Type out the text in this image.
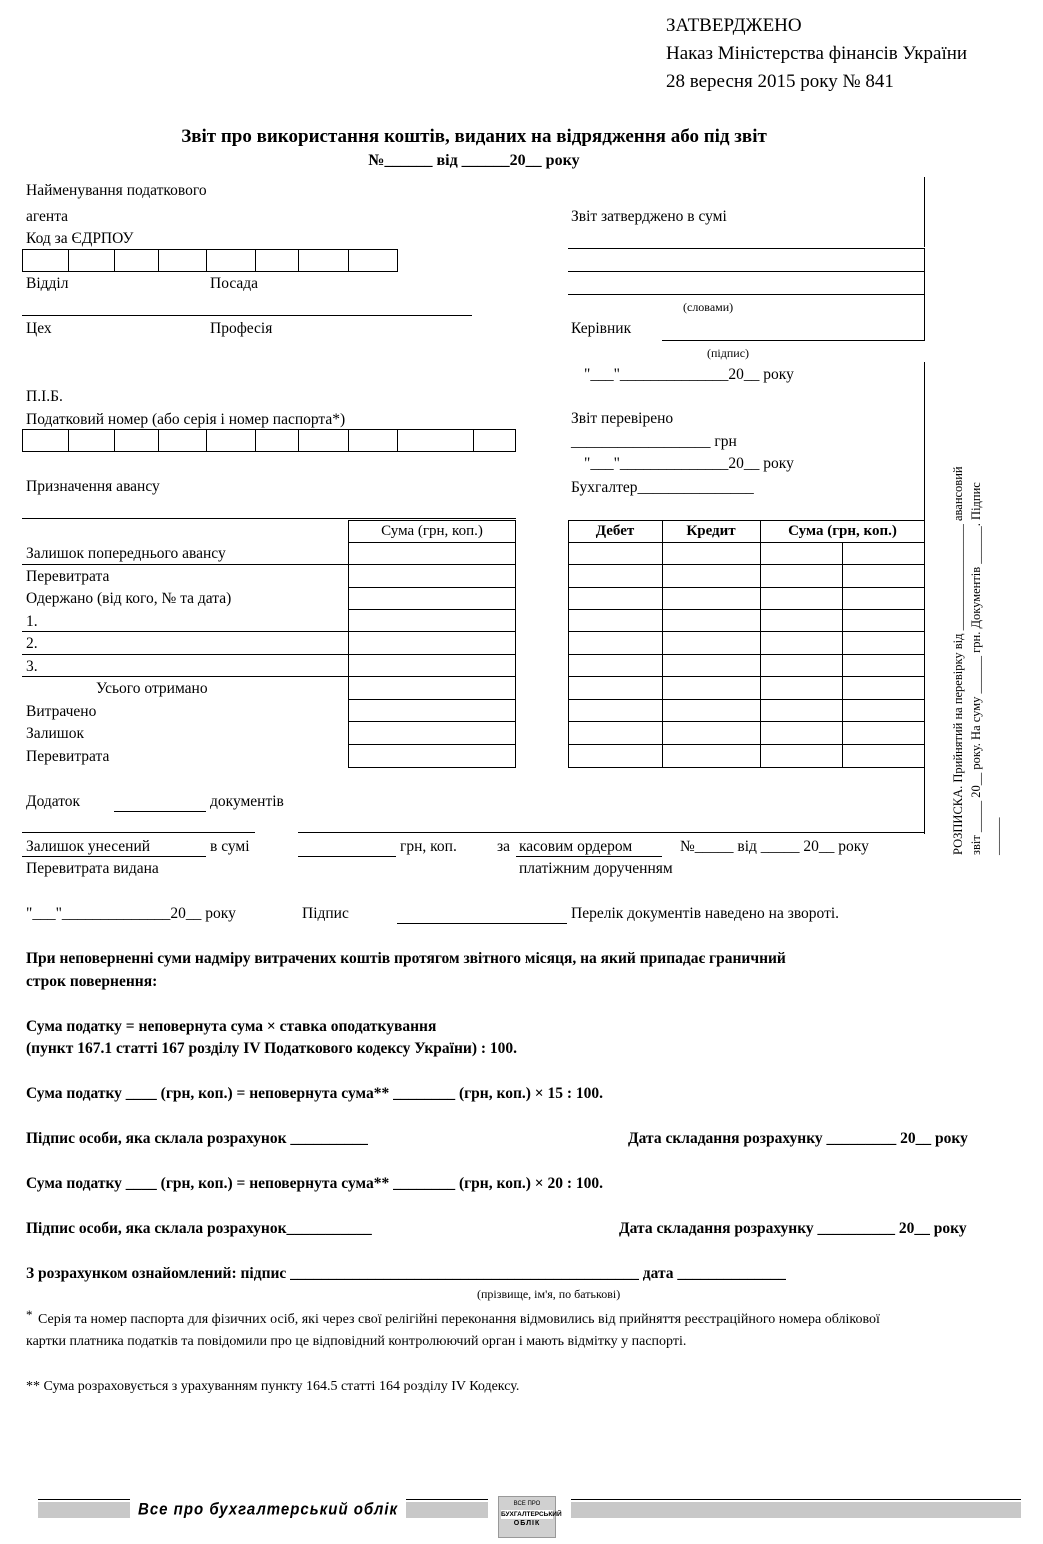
ЗАТВЕРДЖЕНО
Наказ Міністерства фінансів України
28 вересня 2015 року № 841
Звіт про використання коштів, виданих на відрядження або під звіт
№______ від ______20__ року
Найменування податкового
агента
Код за ЄДРПОУ
Відділ	Посада
Цех	Професія
П.І.Б.
Податковий номер (або серія і номер паспорта*)
Призначення авансу
Звіт затверджено в сумі
(словами)
Керівник
(підпис)
"___"______________20__ року
Звіт перевірено
__________________ грн
"___"______________20__ року
Бухгалтер_______________
Сума (грн, коп.)
Залишок попереднього авансу
Перевитрата
Одержано (від кого, № та дата)
1.
2.
3.
Усього отримано
Витрачено
Залишок
Перевитрата
Дебет	Кредит	Сума (грн, коп.)
Додаток	документів
Залишок унесений	в сумі	грн, коп.	за касовим ордером	№_____ від _____ 20__ року
Перевитрата видана	платіжним дорученням
"___"______________20__ року	Підпис	Перелік документів наведено на звороті.
РОЗПИСКА. Прийнятий на перевірку від _________________ авансовий звіт _____ 20__ року. На суму ______ грн. Документів ______. Підпис ______
При неповерненні суми надміру витрачених коштів протягом звітного місяця, на який припадає граничний
строк повернення:
Сума податку = неповернута сума × ставка оподаткування
(пункт 167.1 статті 167 розділу IV Податкового кодексу України) : 100.
Сума податку ____ (грн, коп.) = неповернута сума** ________ (грн, коп.) × 15 : 100.
Підпис особи, яка склала розрахунок __________	Дата складання розрахунку _________ 20__ року
Сума податку ____ (грн, коп.) = неповернута сума** ________ (грн, коп.) × 20 : 100.
Підпис особи, яка склала розрахунок___________	Дата складання розрахунку __________ 20__ року
З розрахунком ознайомлений: підпис _____________________________________________ дата ______________
(прізвище, ім'я, по батькові)
* Серія та номер паспорта для фізичних осіб, які через свої релігійні переконання відмовились від прийняття реєстраційного номера облікової
картки платника податків та повідомили про це відповідний контролюючий орган і мають відмітку у паспорті.
** Сума розраховується з урахуванням пункту 164.5 статті 164 розділу IV Кодексу.
Все про бухгалтерський облік	ВСЕ ПРО
БУХГАЛТЕРСЬКИЙ
ОБЛІК
